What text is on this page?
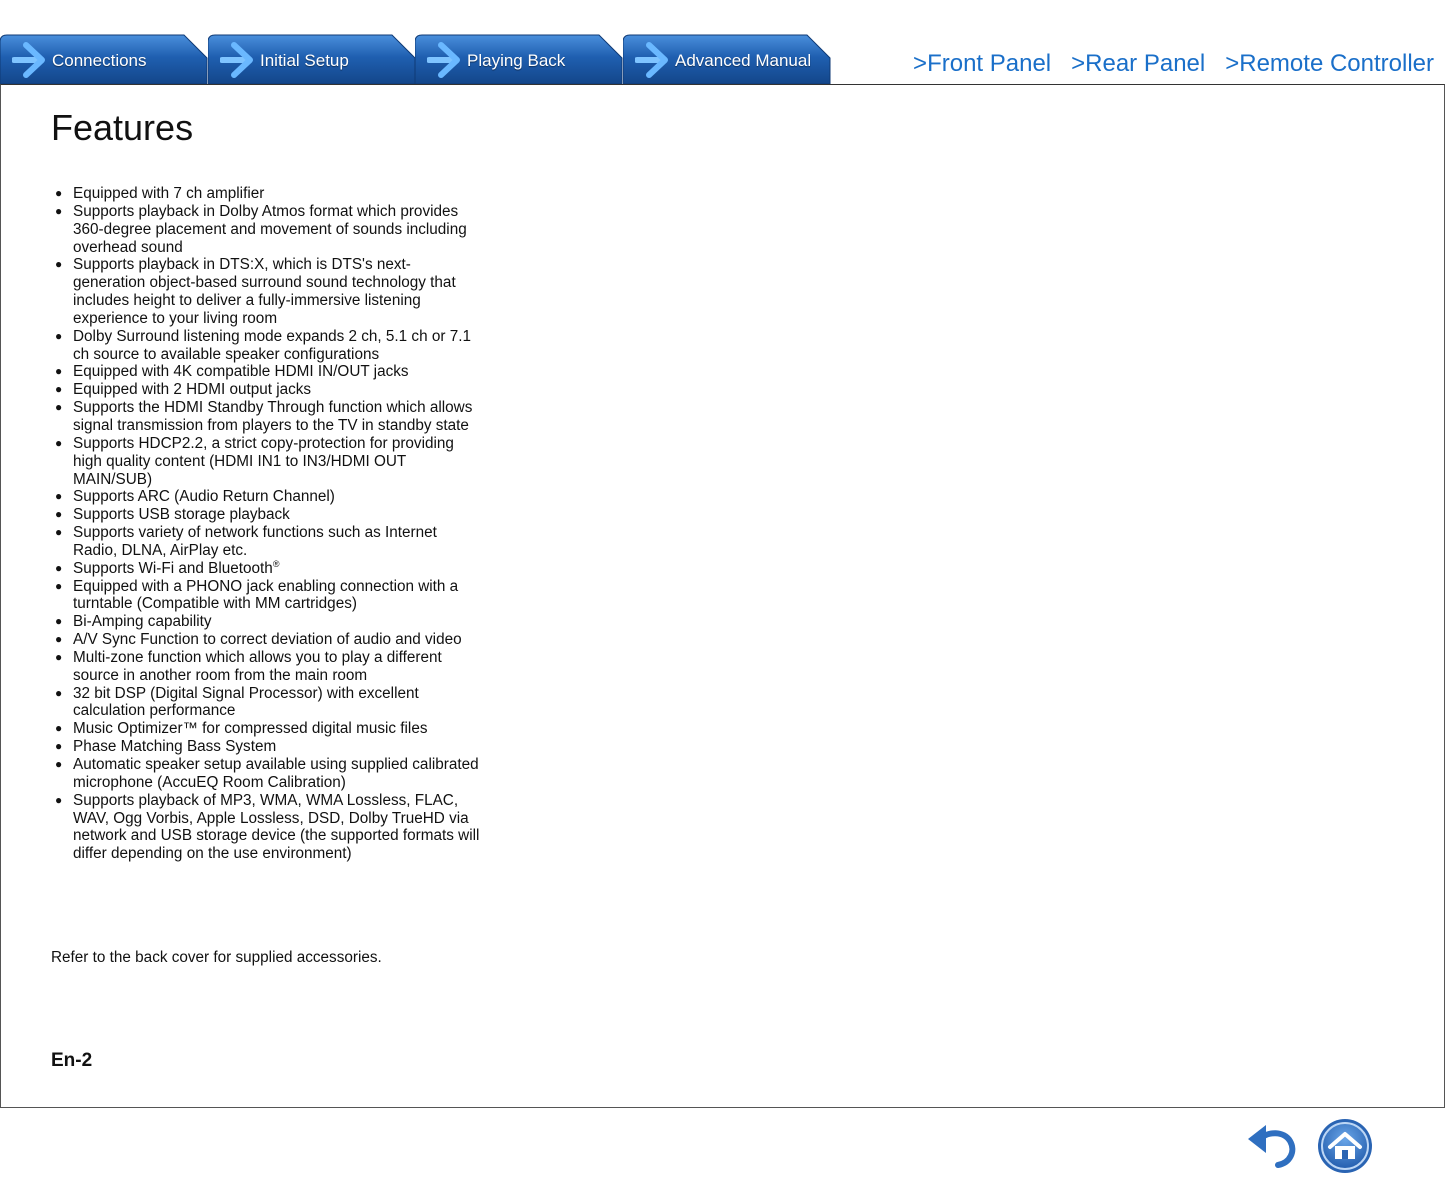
Connections	Initial Setup	Playing Back	Advanced Manual	>Front Panel >Rear Panel >Remote Controller
Features
● Equipped with 7 ch amplifier
● Supports playback in Dolby Atmos format which provides 360-degree placement and movement of sounds including overhead sound
● Supports playback in DTS:X, which is DTS's next-generation object-based surround sound technology that includes height to deliver a fully-immersive listening experience to your living room
● Dolby Surround listening mode expands 2 ch, 5.1 ch or 7.1 ch source to available speaker configurations
● Equipped with 4K compatible HDMI IN/OUT jacks
● Equipped with 2 HDMI output jacks
● Supports the HDMI Standby Through function which allows signal transmission from players to the TV in standby state
● Supports HDCP2.2, a strict copy-protection for providing high quality content (HDMI IN1 to IN3/HDMI OUT MAIN/SUB)
● Supports ARC (Audio Return Channel)
● Supports USB storage playback
● Supports variety of network functions such as Internet Radio, DLNA, AirPlay etc.
● Supports Wi-Fi and Bluetooth®
● Equipped with a PHONO jack enabling connection with a turntable (Compatible with MM cartridges)
● Bi-Amping capability
● A/V Sync Function to correct deviation of audio and video
● Multi-zone function which allows you to play a different source in another room from the main room
● 32 bit DSP (Digital Signal Processor) with excellent calculation performance
● Music Optimizer™ for compressed digital music files
● Phase Matching Bass System
● Automatic speaker setup available using supplied calibrated microphone (AccuEQ Room Calibration)
● Supports playback of MP3, WMA, WMA Lossless, FLAC, WAV, Ogg Vorbis, Apple Lossless, DSD, Dolby TrueHD via network and USB storage device (the supported formats will differ depending on the use environment)
Refer to the back cover for supplied accessories.
En-2
